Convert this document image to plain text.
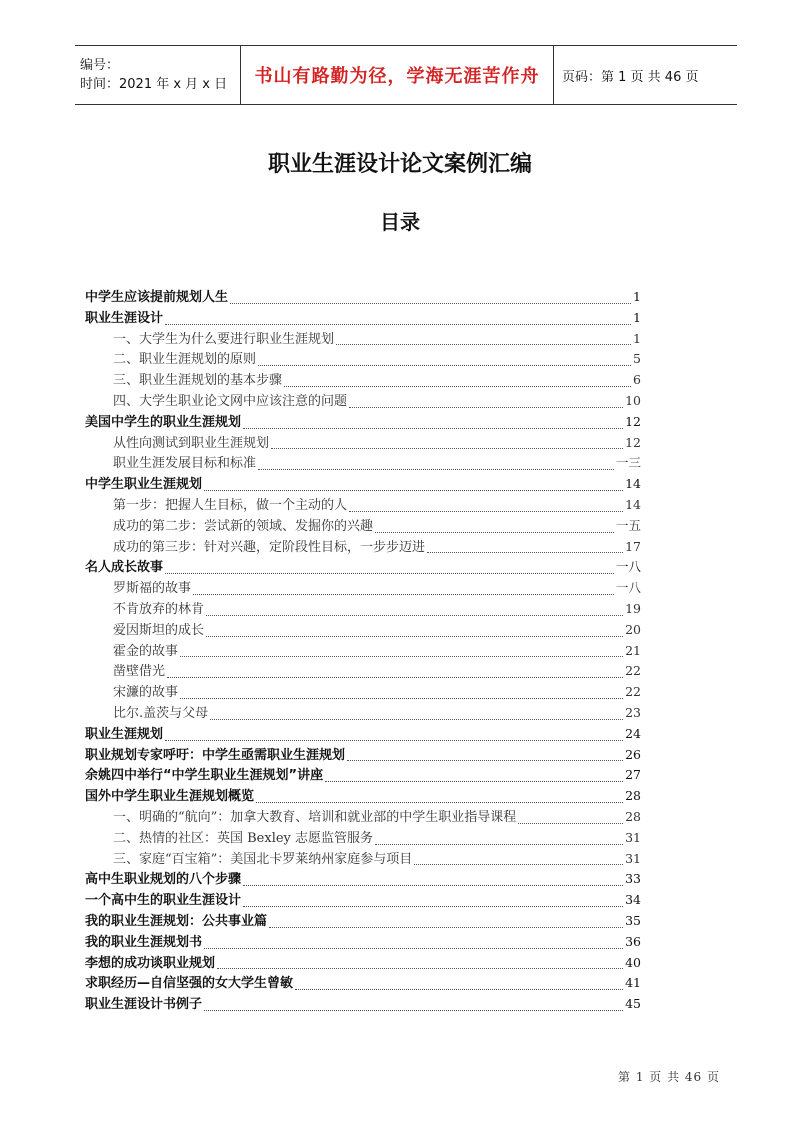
编号：
时间：2021 年 x 月 x 日	书山有路勤为径，学海无涯苦作舟 页码：第 1 页 共 46 页
职业生涯设计论文案例汇编
目录
中学生应该提前规划人生	1
职业生涯设计	1
一、大学生为什么要进行职业生涯规划	1
二、职业生涯规划的原则	5
三、职业生涯规划的基本步骤	6
四、大学生职业论文网中应该注意的问题	10
美国中学生的职业生涯规划	12
从性向测试到职业生涯规划	12
职业生涯发展目标和标准	一三
中学生职业生涯规划	14
第一步：把握人生目标，做一个主动的人	14
成功的第二步：尝试新的领域、发掘你的兴趣	一五
成功的第三步：针对兴趣，定阶段性目标，一步步迈进	17
名人成长故事	一八
罗斯福的故事	一八
不肯放弃的林肯	19
爱因斯坦的成长	20
霍金的故事	21
凿壁借光	22
宋濂的故事	22
比尔.盖茨与父母	23
职业生涯规划	24
职业规划专家呼吁：中学生亟需职业生涯规划	26
余姚四中举行“中学生职业生涯规划”讲座	27
国外中学生职业生涯规划概览	28
一、明确的“航向”：加拿大教育、培训和就业部的中学生职业指导课程	28
二、热情的社区：英国 Bexley 志愿监管服务	31
三、家庭“百宝箱”：美国北卡罗莱纳州家庭参与项目	31
高中生职业规划的八个步骤	33
一个高中生的职业生涯设计	34
我的职业生涯规划：公共事业篇	35
我的职业生涯规划书	36
李想的成功谈职业规划	40
求职经历—自信坚强的女大学生曾敏	41
职业生涯设计书例子	45
第 1 页 共 46 页
